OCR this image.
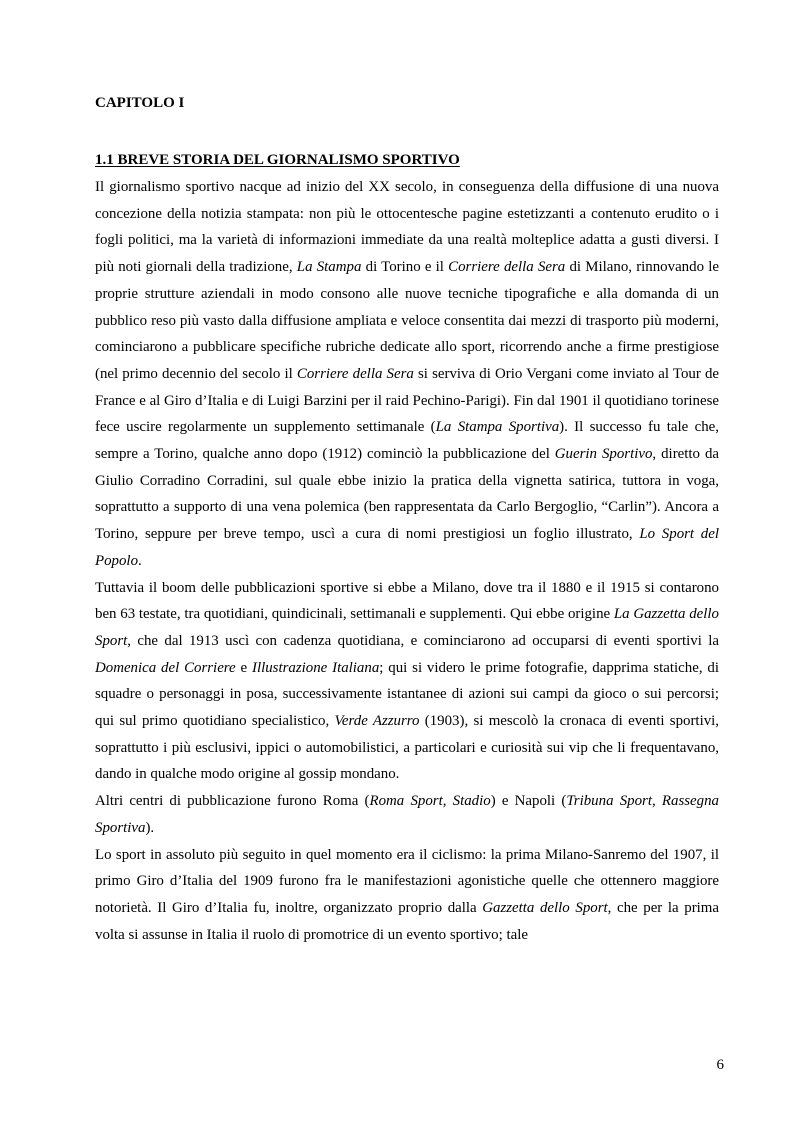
CAPITOLO I
1.1 BREVE STORIA DEL GIORNALISMO SPORTIVO

Il giornalismo sportivo nacque ad inizio del XX secolo, in conseguenza della diffusione di una nuova concezione della notizia stampata: non più le ottocentesche pagine estetizzanti a contenuto erudito o i fogli politici, ma la varietà di informazioni immediate da una realtà molteplice adatta a gusti diversi. I più noti giornali della tradizione, La Stampa di Torino e il Corriere della Sera di Milano, rinnovando le proprie strutture aziendali in modo consono alle nuove tecniche tipografiche e alla domanda di un pubblico reso più vasto dalla diffusione ampliata e veloce consentita dai mezzi di trasporto più moderni, cominciarono a pubblicare specifiche rubriche dedicate allo sport, ricorrendo anche a firme prestigiose (nel primo decennio del secolo il Corriere della Sera si serviva di Orio Vergani come inviato al Tour de France e al Giro d’Italia e di Luigi Barzini per il raid Pechino-Parigi). Fin dal 1901 il quotidiano torinese fece uscire regolarmente un supplemento settimanale (La Stampa Sportiva). Il successo fu tale che, sempre a Torino, qualche anno dopo (1912) cominciò la pubblicazione del Guerin Sportivo, diretto da Giulio Corradino Corradini, sul quale ebbe inizio la pratica della vignetta satirica, tuttora in voga, soprattutto a supporto di una vena polemica (ben rappresentata da Carlo Bergoglio, “Carlin”). Ancora a Torino, seppure per breve tempo, uscì a cura di nomi prestigiosi un foglio illustrato, Lo Sport del Popolo.

Tuttavia il boom delle pubblicazioni sportive si ebbe a Milano, dove tra il 1880 e il 1915 si contarono ben 63 testate, tra quotidiani, quindicinali, settimanali e supplementi. Qui ebbe origine La Gazzetta dello Sport, che dal 1913 uscì con cadenza quotidiana, e cominciarono ad occuparsi di eventi sportivi la Domenica del Corriere e Illustrazione Italiana; qui si videro le prime fotografie, dapprima statiche, di squadre o personaggi in posa, successivamente istantanee di azioni sui campi da gioco o sui percorsi; qui sul primo quotidiano specialistico, Verde Azzurro (1903), si mescolò la cronaca di eventi sportivi, soprattutto i più esclusivi, ippici o automobilistici, a particolari e curiosità sui vip che li frequentavano, dando in qualche modo origine al gossip mondano.

Altri centri di pubblicazione furono Roma (Roma Sport, Stadio) e Napoli (Tribuna Sport, Rassegna Sportiva).

Lo sport in assoluto più seguito in quel momento era il ciclismo: la prima Milano-Sanremo del 1907, il primo Giro d’Italia del 1909 furono fra le manifestazioni agonistiche quelle che ottennero maggiore notorietà. Il Giro d’Italia fu, inoltre, organizzato proprio dalla Gazzetta dello Sport, che per la prima volta si assunse in Italia il ruolo di promotrice di un evento sportivo; tale

6
